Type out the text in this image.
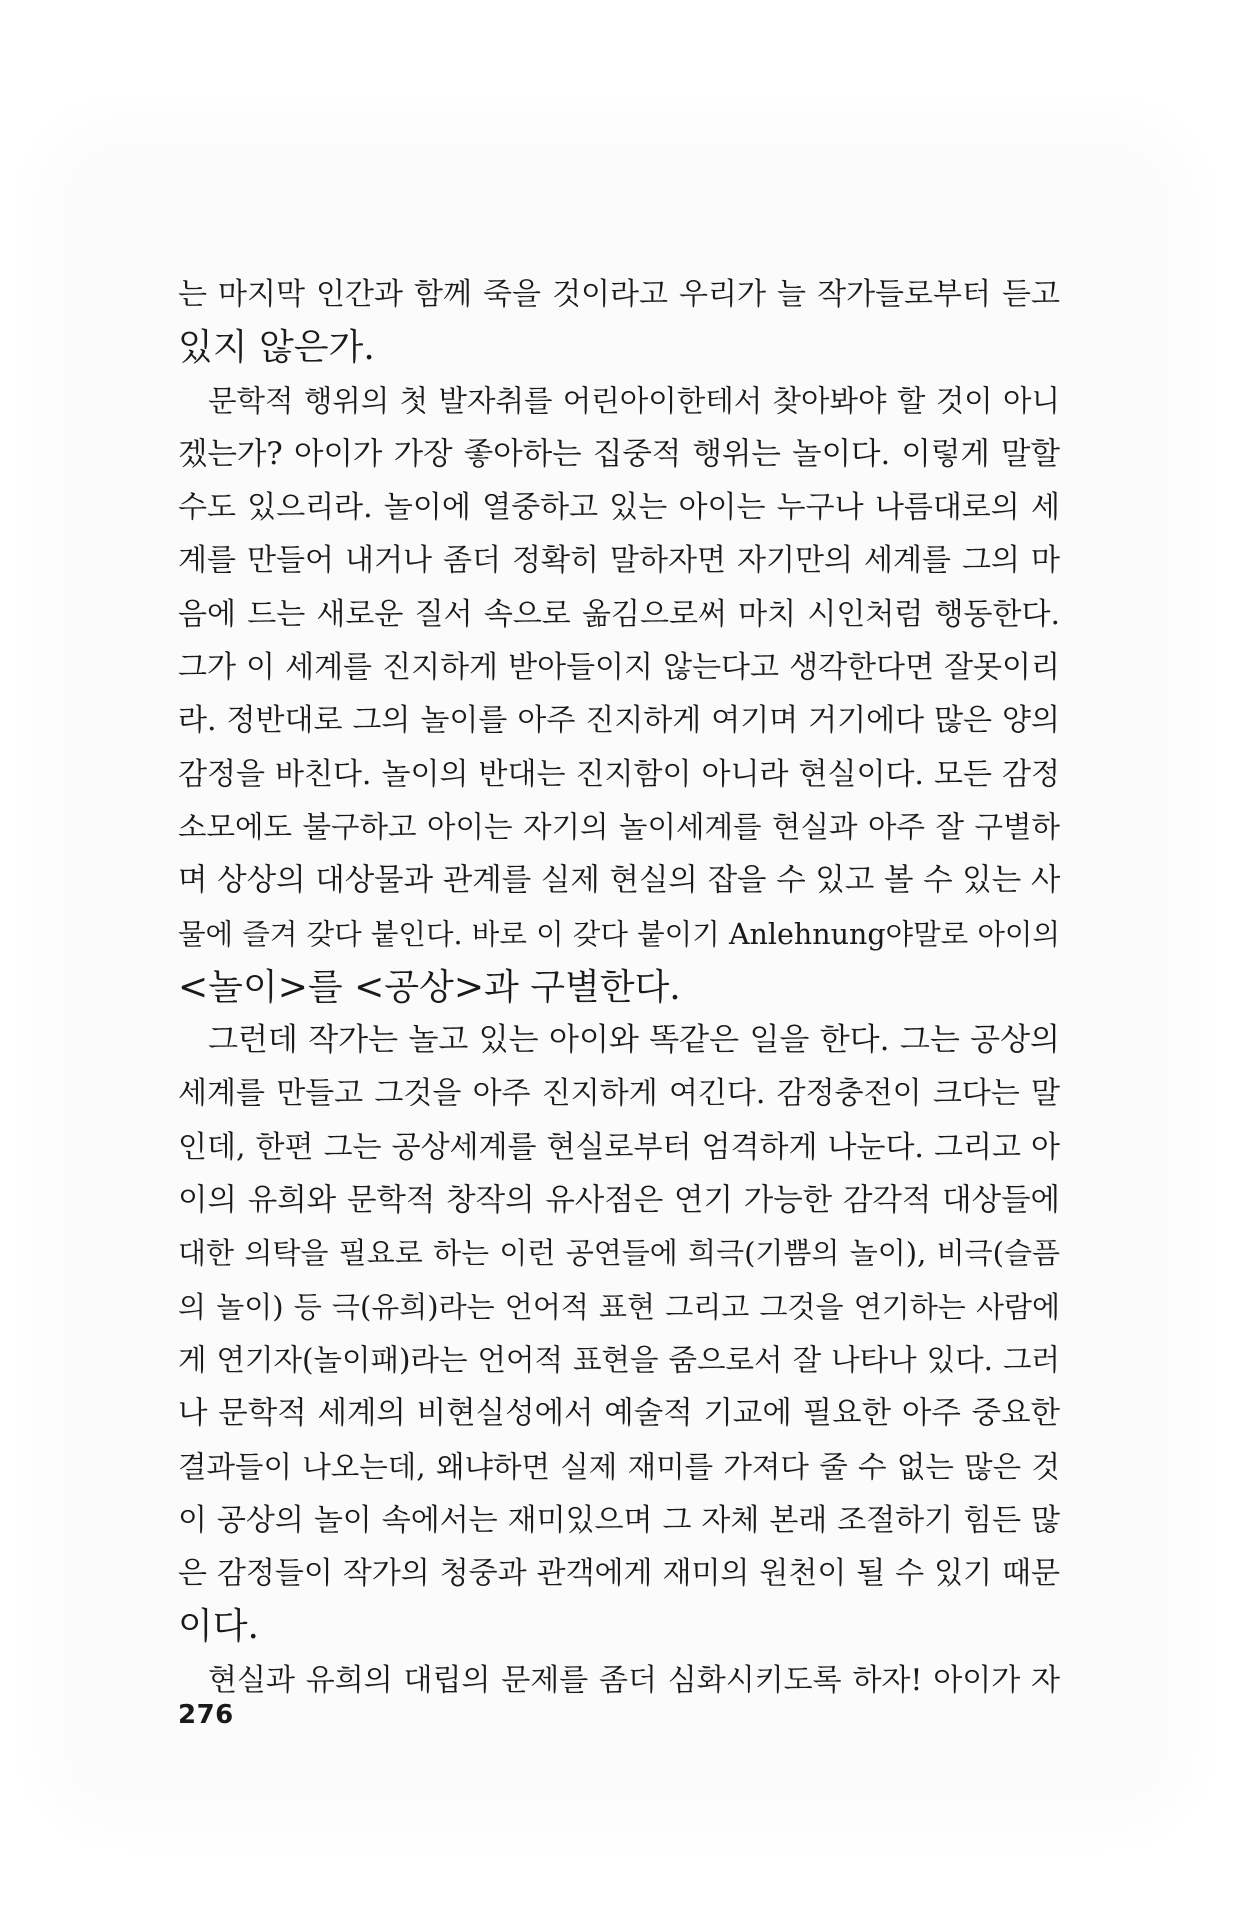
는 마지막 인간과 함께 죽을 것이라고 우리가 늘 작가들로부터 듣고
있지 않은가.
문학적 행위의 첫 발자취를 어린아이한테서 찾아봐야 할 것이 아니
겠는가? 아이가 가장 좋아하는 집중적 행위는 놀이다. 이렇게 말할
수도 있으리라. 놀이에 열중하고 있는 아이는 누구나 나름대로의 세
계를 만들어 내거나 좀더 정확히 말하자면 자기만의 세계를 그의 마
음에 드는 새로운 질서 속으로 옮김으로써 마치 시인처럼 행동한다.
그가 이 세계를 진지하게 받아들이지 않는다고 생각한다면 잘못이리
라. 정반대로 그의 놀이를 아주 진지하게 여기며 거기에다 많은 양의
감정을 바친다. 놀이의 반대는 진지함이 아니라 현실이다. 모든 감정
소모에도 불구하고 아이는 자기의 놀이세계를 현실과 아주 잘 구별하
며 상상의 대상물과 관계를 실제 현실의 잡을 수 있고 볼 수 있는 사
물에 즐겨 갖다 붙인다. 바로 이 갖다 붙이기 Anlehnung야말로 아이의
<놀이>를 <공상>과 구별한다.
그런데 작가는 놀고 있는 아이와 똑같은 일을 한다. 그는 공상의
세계를 만들고 그것을 아주 진지하게 여긴다. 감정충전이 크다는 말
인데, 한편 그는 공상세계를 현실로부터 엄격하게 나눈다. 그리고 아
이의 유희와 문학적 창작의 유사점은 연기 가능한 감각적 대상들에
대한 의탁을 필요로 하는 이런 공연들에 희극(기쁨의 놀이), 비극(슬픔
의 놀이) 등 극(유희)라는 언어적 표현 그리고 그것을 연기하는 사람에
게 연기자(놀이패)라는 언어적 표현을 줌으로서 잘 나타나 있다. 그러
나 문학적 세계의 비현실성에서 예술적 기교에 필요한 아주 중요한
결과들이 나오는데, 왜냐하면 실제 재미를 가져다 줄 수 없는 많은 것
이 공상의 놀이 속에서는 재미있으며 그 자체 본래 조절하기 힘든 많
은 감정들이 작가의 청중과 관객에게 재미의 원천이 될 수 있기 때문
이다.
현실과 유희의 대립의 문제를 좀더 심화시키도록 하자! 아이가 자
276
